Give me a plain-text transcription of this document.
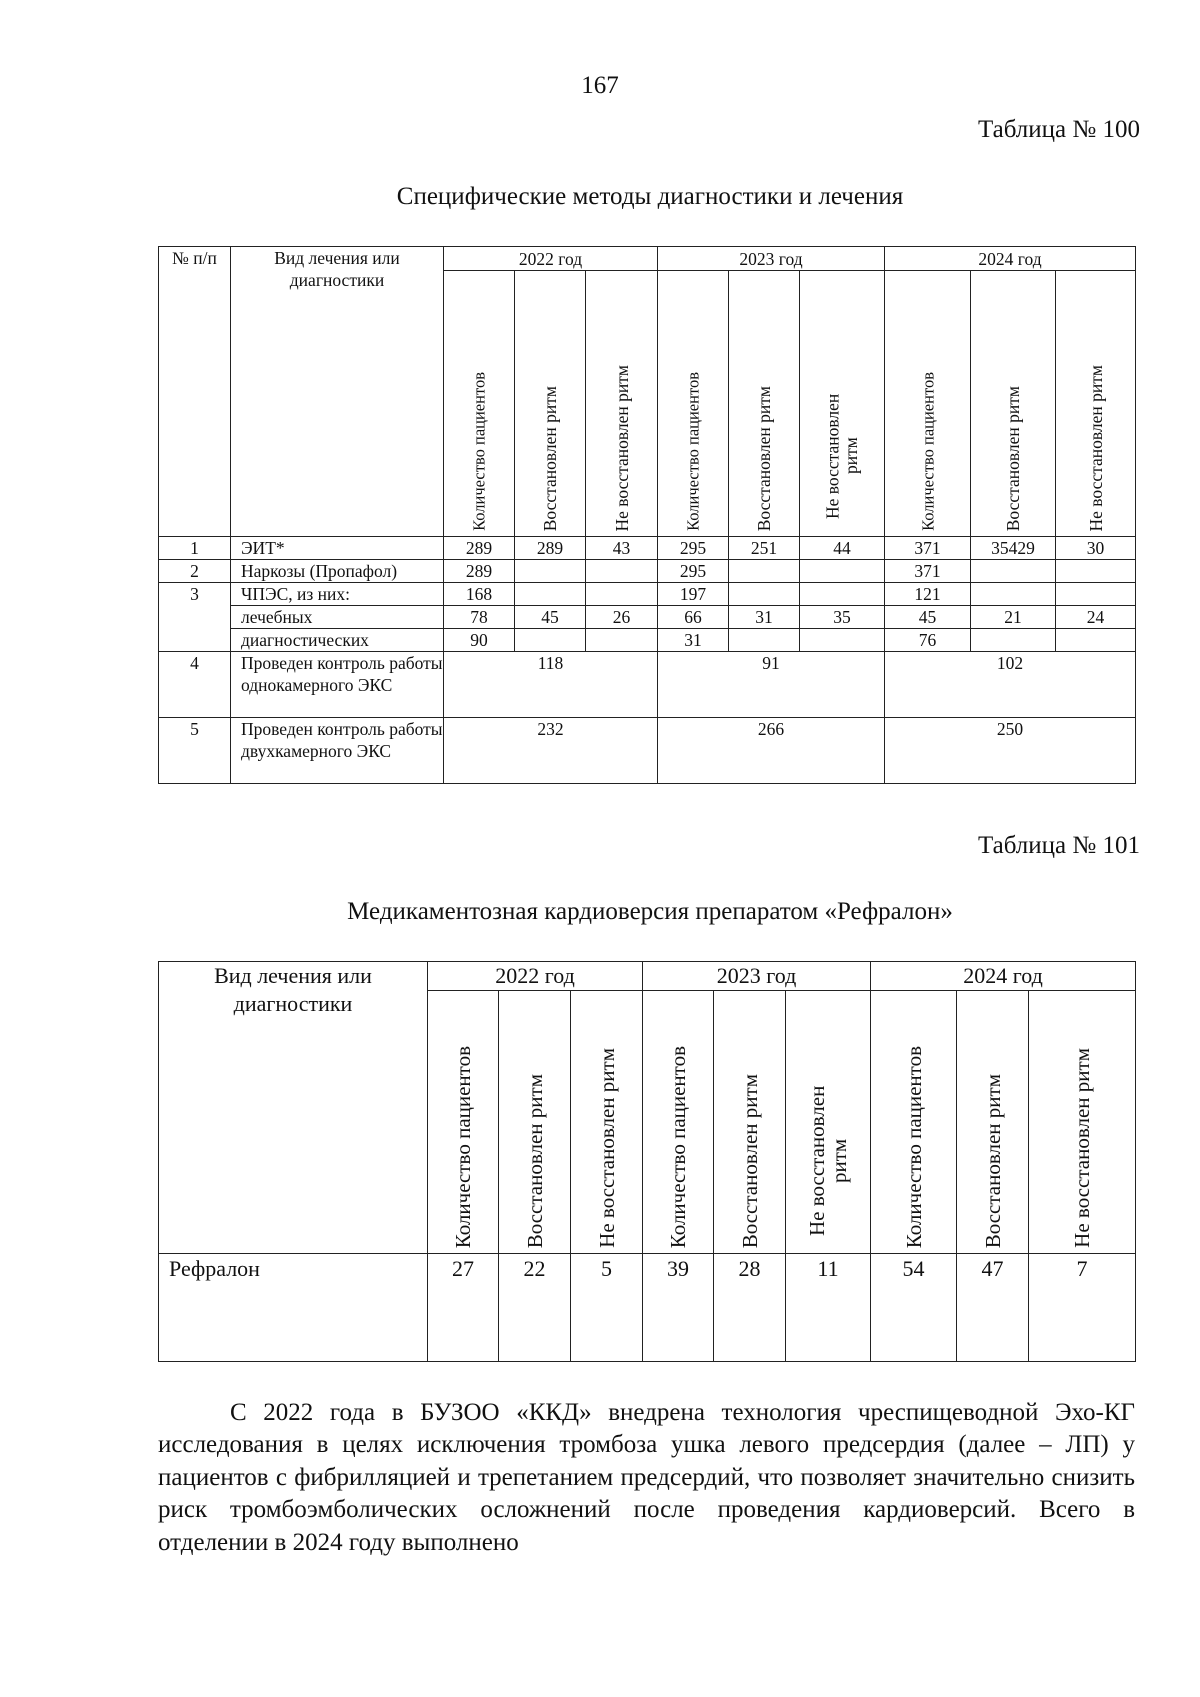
167
Таблица № 100
Специфические методы диагностики и лечения
№ п/п	Вид лечения или диагностики	2022 год			2023 год			2024 год		

		Количество пациентов	Восстановлен ритм	Не восстановлен ритм	Количество пациентов	Восстановлен ритм	Не восстановлен ритм	Количество пациентов	Восстановлен ритм	Не восстановлен ритм

1	ЭИТ*	289	289	43	295	251	44	371	35429	30
2	Наркозы (Пропафол)	289			295			371		
3	ЧПЭС, из них:	168			197			121		
	лечебных	78	45	26	66	31	35	45	21	24
	диагностических	90			31			76		
4	Проведен контроль работы однокамерного ЭКС	118			91			102		
5	Проведен контроль работы двухкамерного ЭКС	232			266			250		
Таблица № 101
Медикаментозная кардиоверсия препаратом «Рефралон»
Вид лечения или диагностики	2022 год			2023 год			2024 год		

	Количество пациентов	Восстановлен ритм	Не восстановлен ритм	Количество пациентов	Восстановлен ритм	Не восстановлен ритм	Количество пациентов	Восстановлен ритм	Не восстановлен ритм

Рефралон	27	22	5	39	28	11	54	47	7

С 2022 года в БУЗОО «ККД» внедрена технология чреспищеводной Эхо-КГ исследования в целях исключения тромбоза ушка левого предсердия (далее – ЛП) у пациентов с фибрилляцией и трепетанием предсердий, что позволяет значительно снизить риск тромбоэмболических осложнений после проведения кардиоверсий. Всего в отделении в 2024 году выполнено
